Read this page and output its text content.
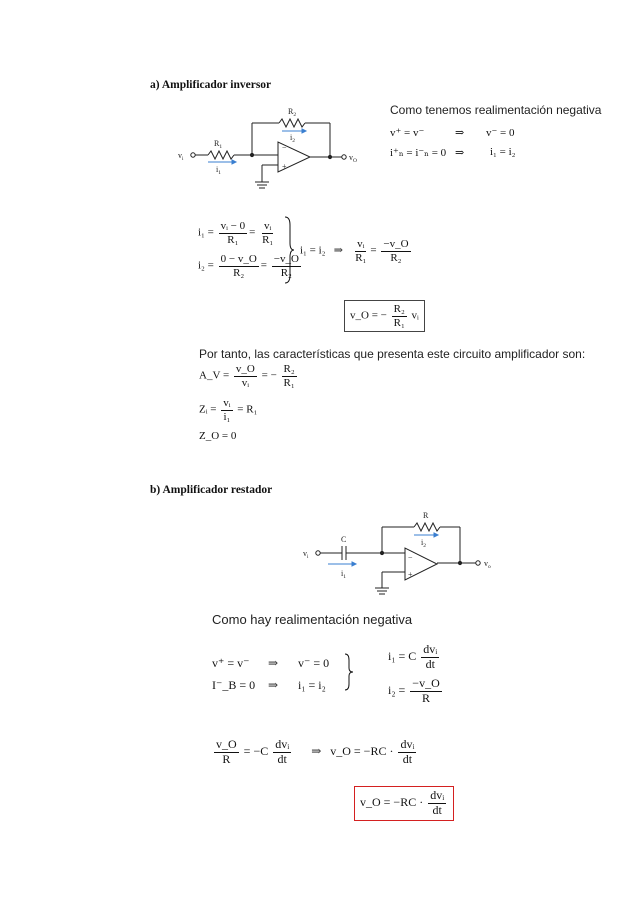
a) Amplificador inversor
−
+
$R_2$
$i_2$
$R_1$
$i_1$
$v_i$	$v_O$
Como tenemos realimentación negativa
v⁺ = v⁻	⇒ v⁻ = 0
i⁺ₙ = i⁻ₙ = 0 ⇒ i₁ = i₂
$i_1 = \frac{\text{vᵢ − 0}}{\text{R₁}} = \frac{\text{vᵢ}}{\text{R₁}}$
$i_2 = \frac{0 - v\_O}{\text{R₂}} = \frac{-v\_O}{\text{R₂}}$
i₁ = i₂ ⇒ $\frac{\text{vᵢ}}{\text{R₁}} = \frac{-v\_O}{\text{R₂}}$
v_O = − $\frac{\text{R₂}}{\text{R₁}}$ vᵢ
Por tanto, las características que presenta este circuito amplificador son:
A_V = $\frac{v\_O}{\text{vᵢ}}$ = − $\frac{\text{R₂}}{\text{R₁}}$
Zᵢ = $\frac{\text{vᵢ}}{\text{i₁}} = R_1$
Z_O = 0
b) Amplificador restador
−
+
R
C	$i_2$
$i_1$
$v_i$
$v_o$
Como hay realimentación negativa
v⁺ = v⁻ ⇒ v⁻ = 0
I⁻_B = 0 ⇒ i₁ = i₂
i₁ = C $\frac{\text{dvᵢ}}{dt}$
$i_2 = \frac{-v\_O}{R}$
$\frac{v\_O}{R} = -C \frac{\text{dvᵢ}}{dt}$ ⇒ v_O = $-RC \cdot \frac{\text{dvᵢ}}{dt}$
v_O = $-RC \cdot \frac{\text{dvᵢ}}{dt}$
